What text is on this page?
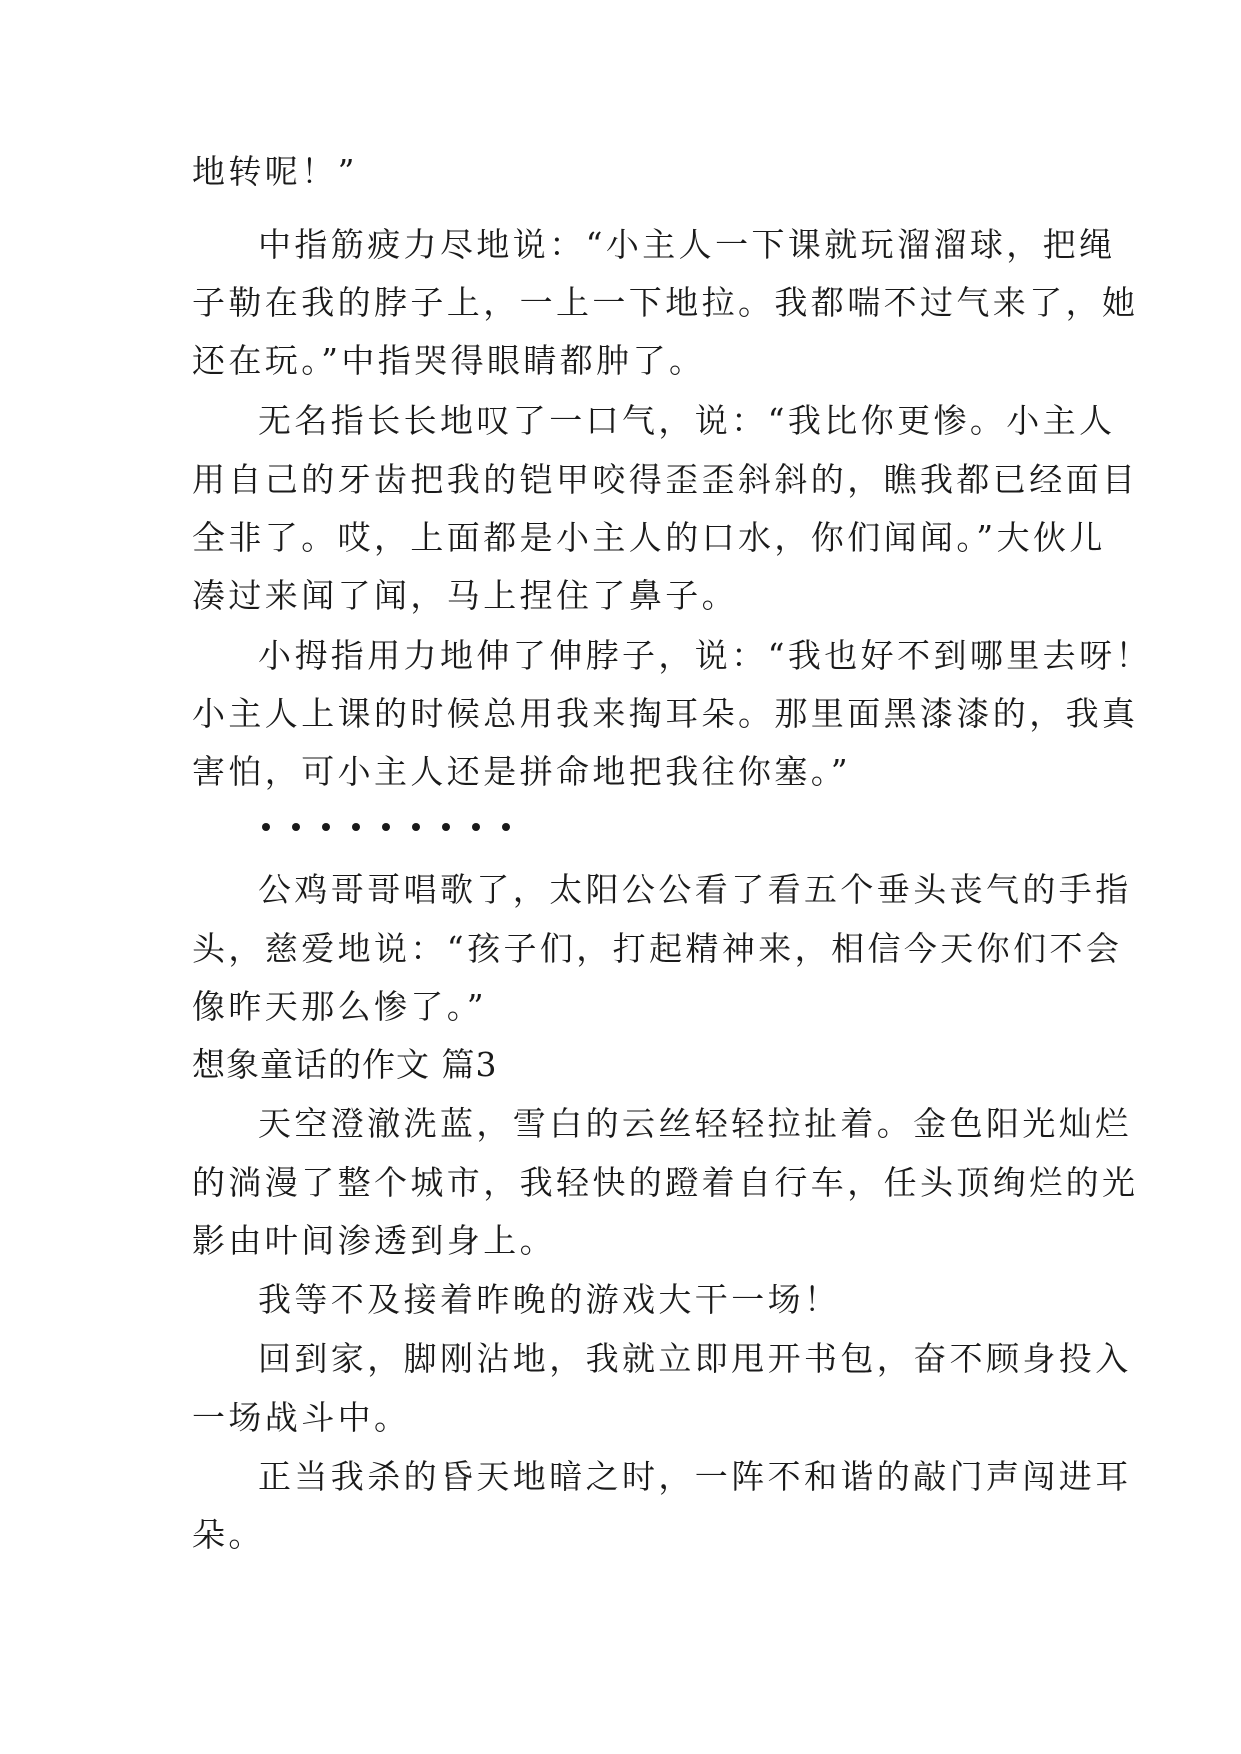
地转呢！”
中指筋疲力尽地说：“小主人一下课就玩溜溜球，把绳
子勒在我的脖子上，一上一下地拉。我都喘不过气来了，她
还在玩。”中指哭得眼睛都肿了。
无名指长长地叹了一口气，说：“我比你更惨。小主人
用自己的牙齿把我的铠甲咬得歪歪斜斜的，瞧我都已经面目
全非了。哎，上面都是小主人的口水，你们闻闻。”大伙儿
凑过来闻了闻，马上捏住了鼻子。
小拇指用力地伸了伸脖子，说：“我也好不到哪里去呀！
小主人上课的时候总用我来掏耳朵。那里面黑漆漆的，我真
害怕，可小主人还是拼命地把我往你塞。”
公鸡哥哥唱歌了，太阳公公看了看五个垂头丧气的手指
头，慈爱地说：“孩子们，打起精神来，相信今天你们不会
像昨天那么惨了。”
想象童话的作文 篇3
天空澄澈洗蓝，雪白的云丝轻轻拉扯着。金色阳光灿烂
的淌漫了整个城市，我轻快的蹬着自行车，任头顶绚烂的光
影由叶间渗透到身上。
我等不及接着昨晚的游戏大干一场！
回到家，脚刚沾地，我就立即甩开书包，奋不顾身投入
一场战斗中。
正当我杀的昏天地暗之时，一阵不和谐的敲门声闯进耳
朵。
